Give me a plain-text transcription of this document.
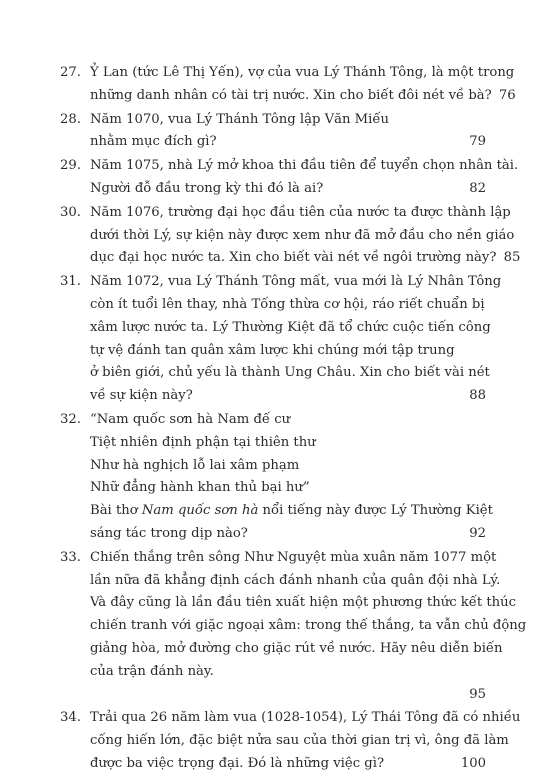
27. Ỷ Lan (tức Lê Thị Yến), vợ của vua Lý Thánh Tông, là một trong
những danh nhân có tài trị nước. Xin cho biết đôi nét về bà? 76
28. Năm 1070, vua Lý Thánh Tông lập Văn Miếu
nhằm mục đích gì?	79
29. Năm 1075, nhà Lý mở khoa thi đầu tiên để tuyển chọn nhân tài.
Người đỗ đầu trong kỳ thi đó là ai?	82
30. Năm 1076, trường đại học đầu tiên của nước ta được thành lập
dưới thời Lý, sự kiện này được xem như đã mở đầu cho nền giáo
dục đại học nước ta. Xin cho biết vài nét về ngôi trường này? 85
31. Năm 1072, vua Lý Thánh Tông mất, vua mới là Lý Nhân Tông
còn ít tuổi lên thay, nhà Tống thừa cơ hội, ráo riết chuẩn bị
xâm lược nước ta. Lý Thường Kiệt đã tổ chức cuộc tiến công
tự vệ đánh tan quân xâm lược khi chúng mới tập trung
ở biên giới, chủ yếu là thành Ung Châu. Xin cho biết vài nét
về sự kiện này?	88
32. “Nam quốc sơn hà Nam đế cư
Tiệt nhiên định phận tại thiên thư
Như hà nghịch lỗ lai xâm phạm
Nhữ đẳng hành khan thủ bại hư”
Bài thơ Nam quốc sơn hà nổi tiếng này được Lý Thường Kiệt
sáng tác trong dịp nào?	92
33. Chiến thắng trên sông Như Nguyệt mùa xuân năm 1077 một
lần nữa đã khẳng định cách đánh nhanh của quân đội nhà Lý.
Và đây cũng là lần đầu tiên xuất hiện một phương thức kết thúc
chiến tranh với giặc ngoại xâm: trong thế thắng, ta vẫn chủ động
giảng hòa, mở đường cho giặc rút về nước. Hãy nêu diễn biến
của trận đánh này.
95
34. Trải qua 26 năm làm vua (1028-1054), Lý Thái Tông đã có nhiều
cống hiến lớn, đặc biệt nửa sau của thời gian trị vì, ông đã làm
được ba việc trọng đại. Đó là những việc gì?	100
